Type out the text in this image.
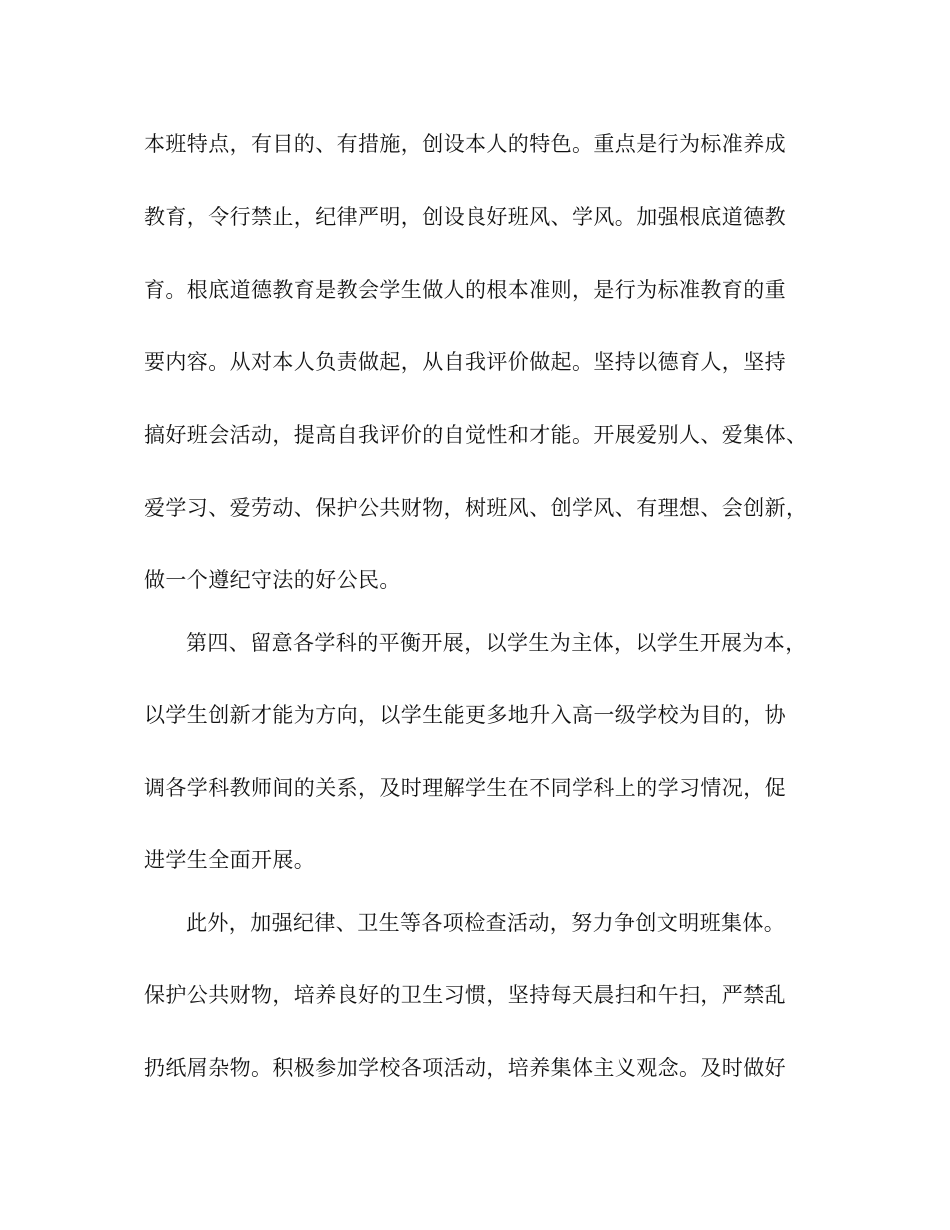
本班特点，有目的、有措施，创设本人的特色。重点是行为标准养成
教育，令行禁止，纪律严明，创设良好班风、学风。加强根底道德教
育。根底道德教育是教会学生做人的根本准则，是行为标准教育的重
要内容。从对本人负责做起，从自我评价做起。坚持以德育人，坚持
搞好班会活动，提高自我评价的自觉性和才能。开展爱别人、爱集体、
爱学习、爱劳动、保护公共财物，树班风、创学风、有理想、会创新，
做一个遵纪守法的好公民。
第四、留意各学科的平衡开展，以学生为主体，以学生开展为本，
以学生创新才能为方向，以学生能更多地升入高一级学校为目的，协
调各学科教师间的关系，及时理解学生在不同学科上的学习情况，促
进学生全面开展。
此外，加强纪律、卫生等各项检查活动，努力争创文明班集体。
保护公共财物，培养良好的卫生习惯，坚持每天晨扫和午扫，严禁乱
扔纸屑杂物。积极参加学校各项活动，培养集体主义观念。及时做好
